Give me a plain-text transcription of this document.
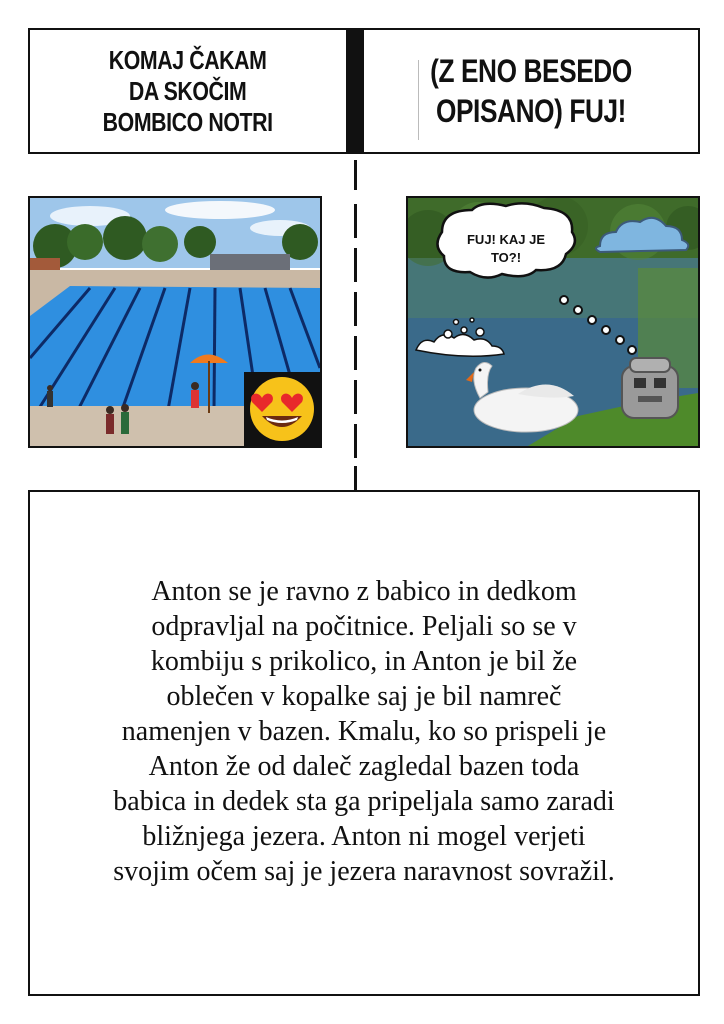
KOMAJ ČAKAM
DA SKOČIM
BOMBICO NOTRI
(Z ENO BESEDO
OPISANO) FUJ!
FUJ! KAJ JE
TO?!
Anton se je ravno z babico in dedkom
odpravljal na počitnice. Peljali so se v
kombiju s prikolico, in Anton je bil že
oblečen v kopalke saj je bil namreč
namenjen v bazen. Kmalu, ko so prispeli je
Anton že od daleč zagledal bazen toda
babica in dedek sta ga pripeljala samo zaradi
bližnjega jezera. Anton ni mogel verjeti
svojim očem saj je jezera naravnost sovražil.
